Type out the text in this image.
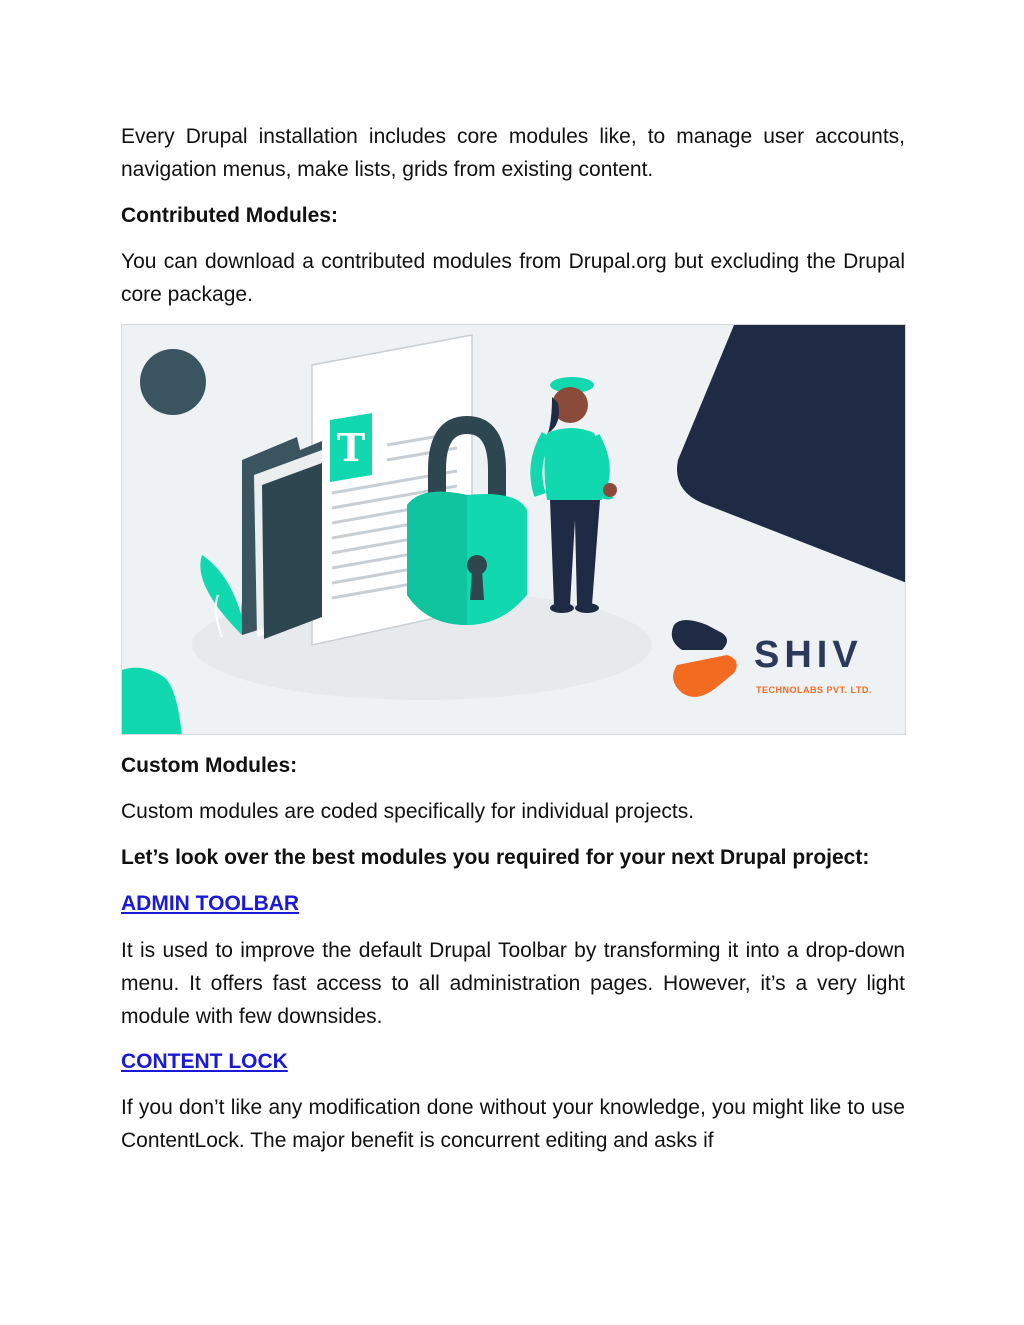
Every Drupal installation includes core modules like, to manage user accounts, navigation menus, make lists, grids from existing content.

Contributed Modules:

You can download a contributed modules from Drupal.org but excluding the Drupal core package.

Custom Modules:

Custom modules are coded specifically for individual projects.

Let’s look over the best modules you required for your next Drupal project:

ADMIN TOOLBAR

It is used to improve the default Drupal Toolbar by transforming it into a drop-down menu. It offers fast access to all administration pages. However, it’s a very light module with few downsides.

CONTENT LOCK

If you don’t like any modification done without your knowledge, you might like to use ContentLock. The major benefit is concurrent editing and asks if

T
SHIV
TECHNOLABS PVT. LTD.
